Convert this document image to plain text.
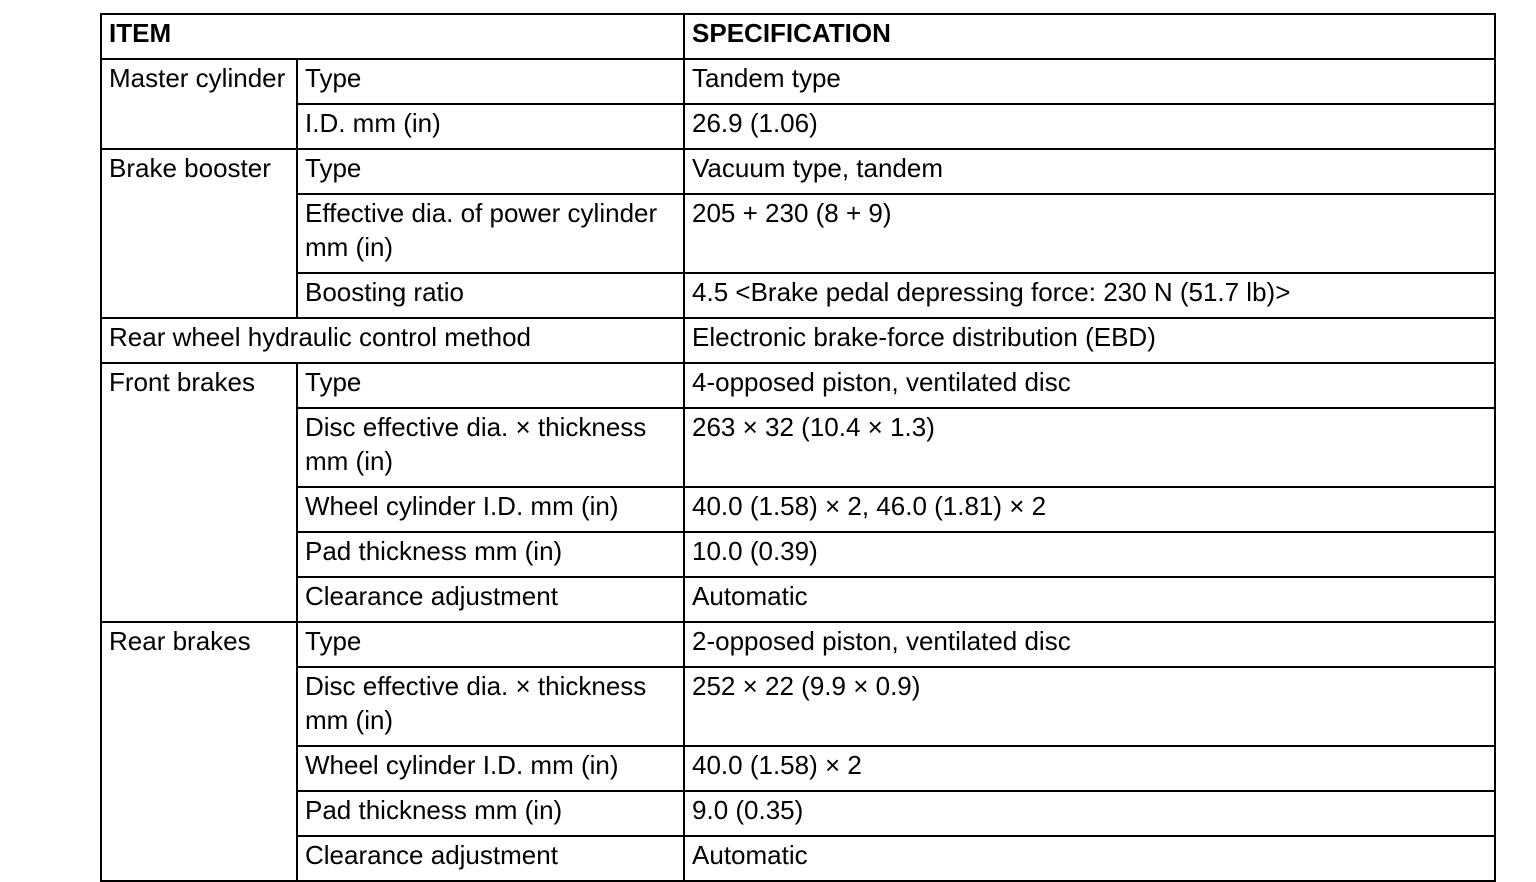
ITEM		SPECIFICATION
Master cylinder	Type	Tandem type
	I.D. mm (in)	26.9 (1.06)
Brake booster	Type	Vacuum type, tandem
	Effective dia. of power cylinder mm (in)	205 + 230 (8 + 9)
	Boosting ratio	4.5 <Brake pedal depressing force: 230 N (51.7 lb)>
Rear wheel hydraulic control method		Electronic brake-force distribution (EBD)
Front brakes	Type	4-opposed piston, ventilated disc
	Disc effective dia. × thickness mm (in)	263 × 32 (10.4 × 1.3)
	Wheel cylinder I.D. mm (in)	40.0 (1.58) × 2, 46.0 (1.81) × 2
	Pad thickness mm (in)	10.0 (0.39)
	Clearance adjustment	Automatic
Rear brakes	Type	2-opposed piston, ventilated disc
	Disc effective dia. × thickness mm (in)	252 × 22 (9.9 × 0.9)
	Wheel cylinder I.D. mm (in)	40.0 (1.58) × 2
	Pad thickness mm (in)	9.0 (0.35)
	Clearance adjustment	Automatic
